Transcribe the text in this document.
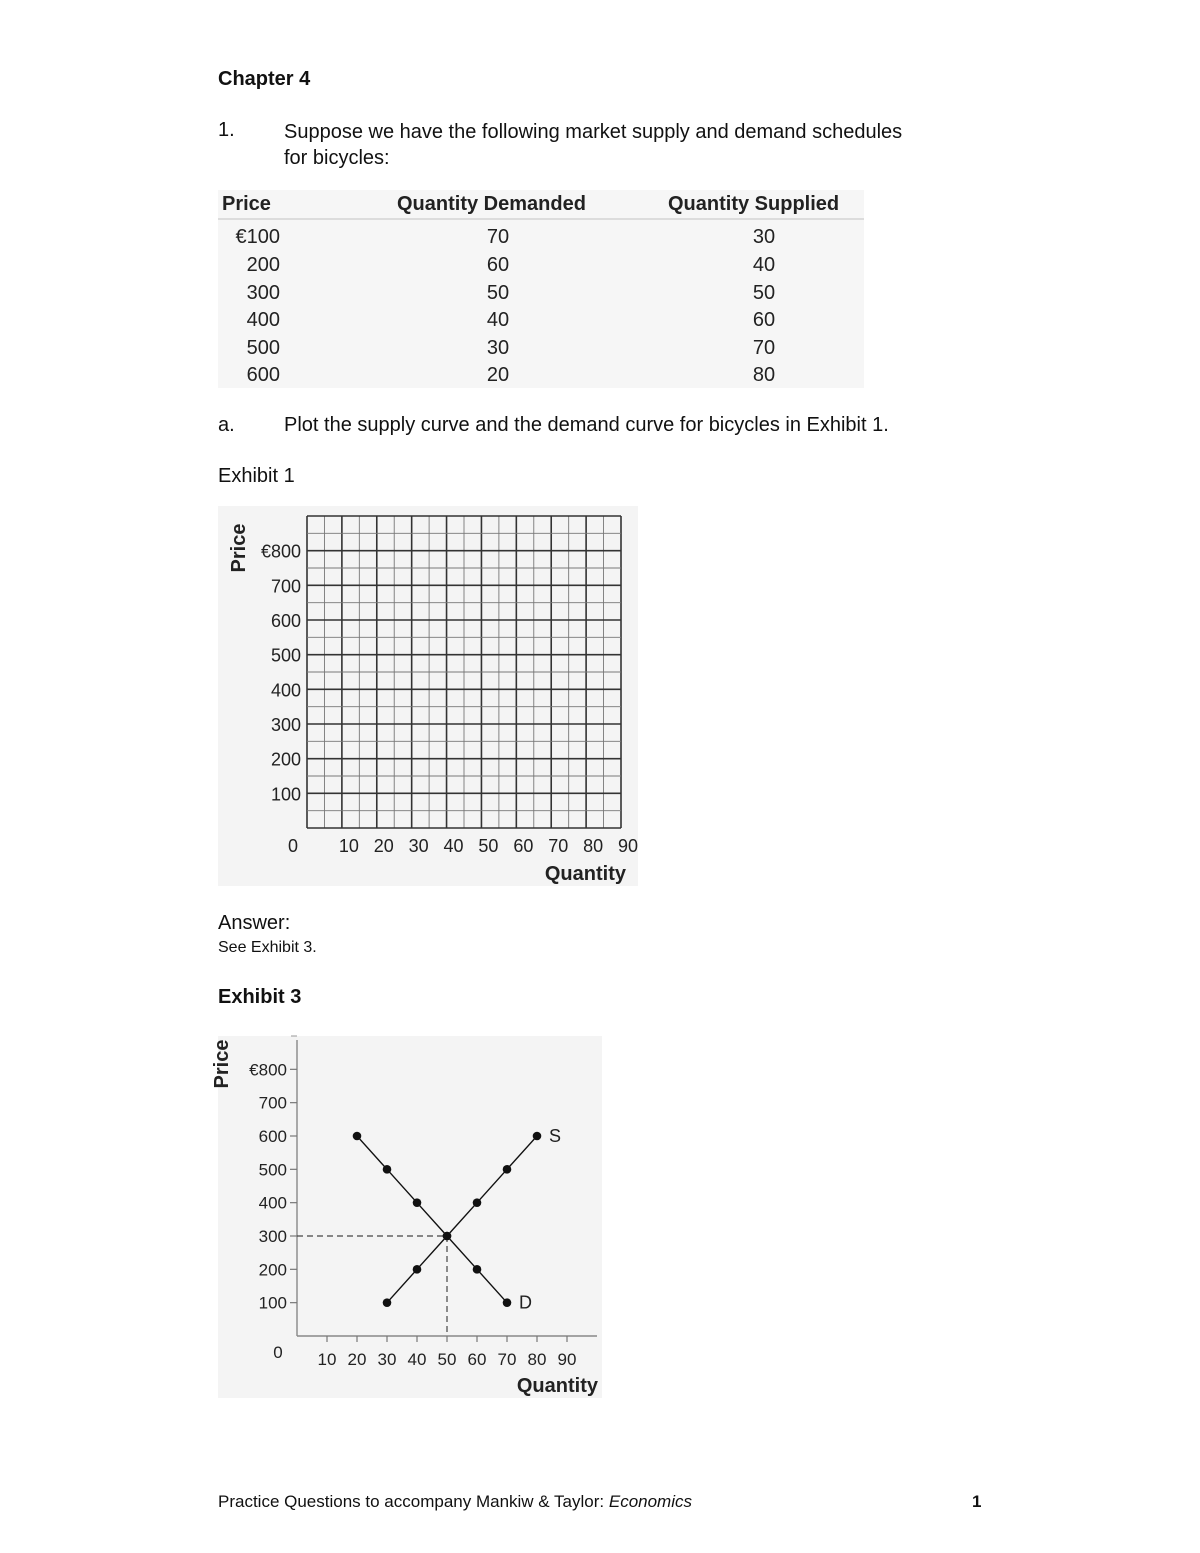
Chapter 4
1. Suppose we have the following market supply and demand schedules
for bicycles:
Price	Quantity Demanded	Quantity Supplied
€100	70	30
200	60	40
300	50	50
400	40	60
500	30	70
600	20	80
a. Plot the supply curve and the demand curve for bicycles in Exhibit 1.
Exhibit 1
100
200
300
400
500
600
700
€800
0 10 20 30 40 50 60 70 80 90
Price
Quantity
Answer:
See Exhibit 3.
Exhibit 3
100
200
300
400
500
600
700
€800
10 20 30 40 50 60 70 80 90
S
D
Price
Quantity
0
Practice Questions to accompany Mankiw & Taylor: Economics	1
